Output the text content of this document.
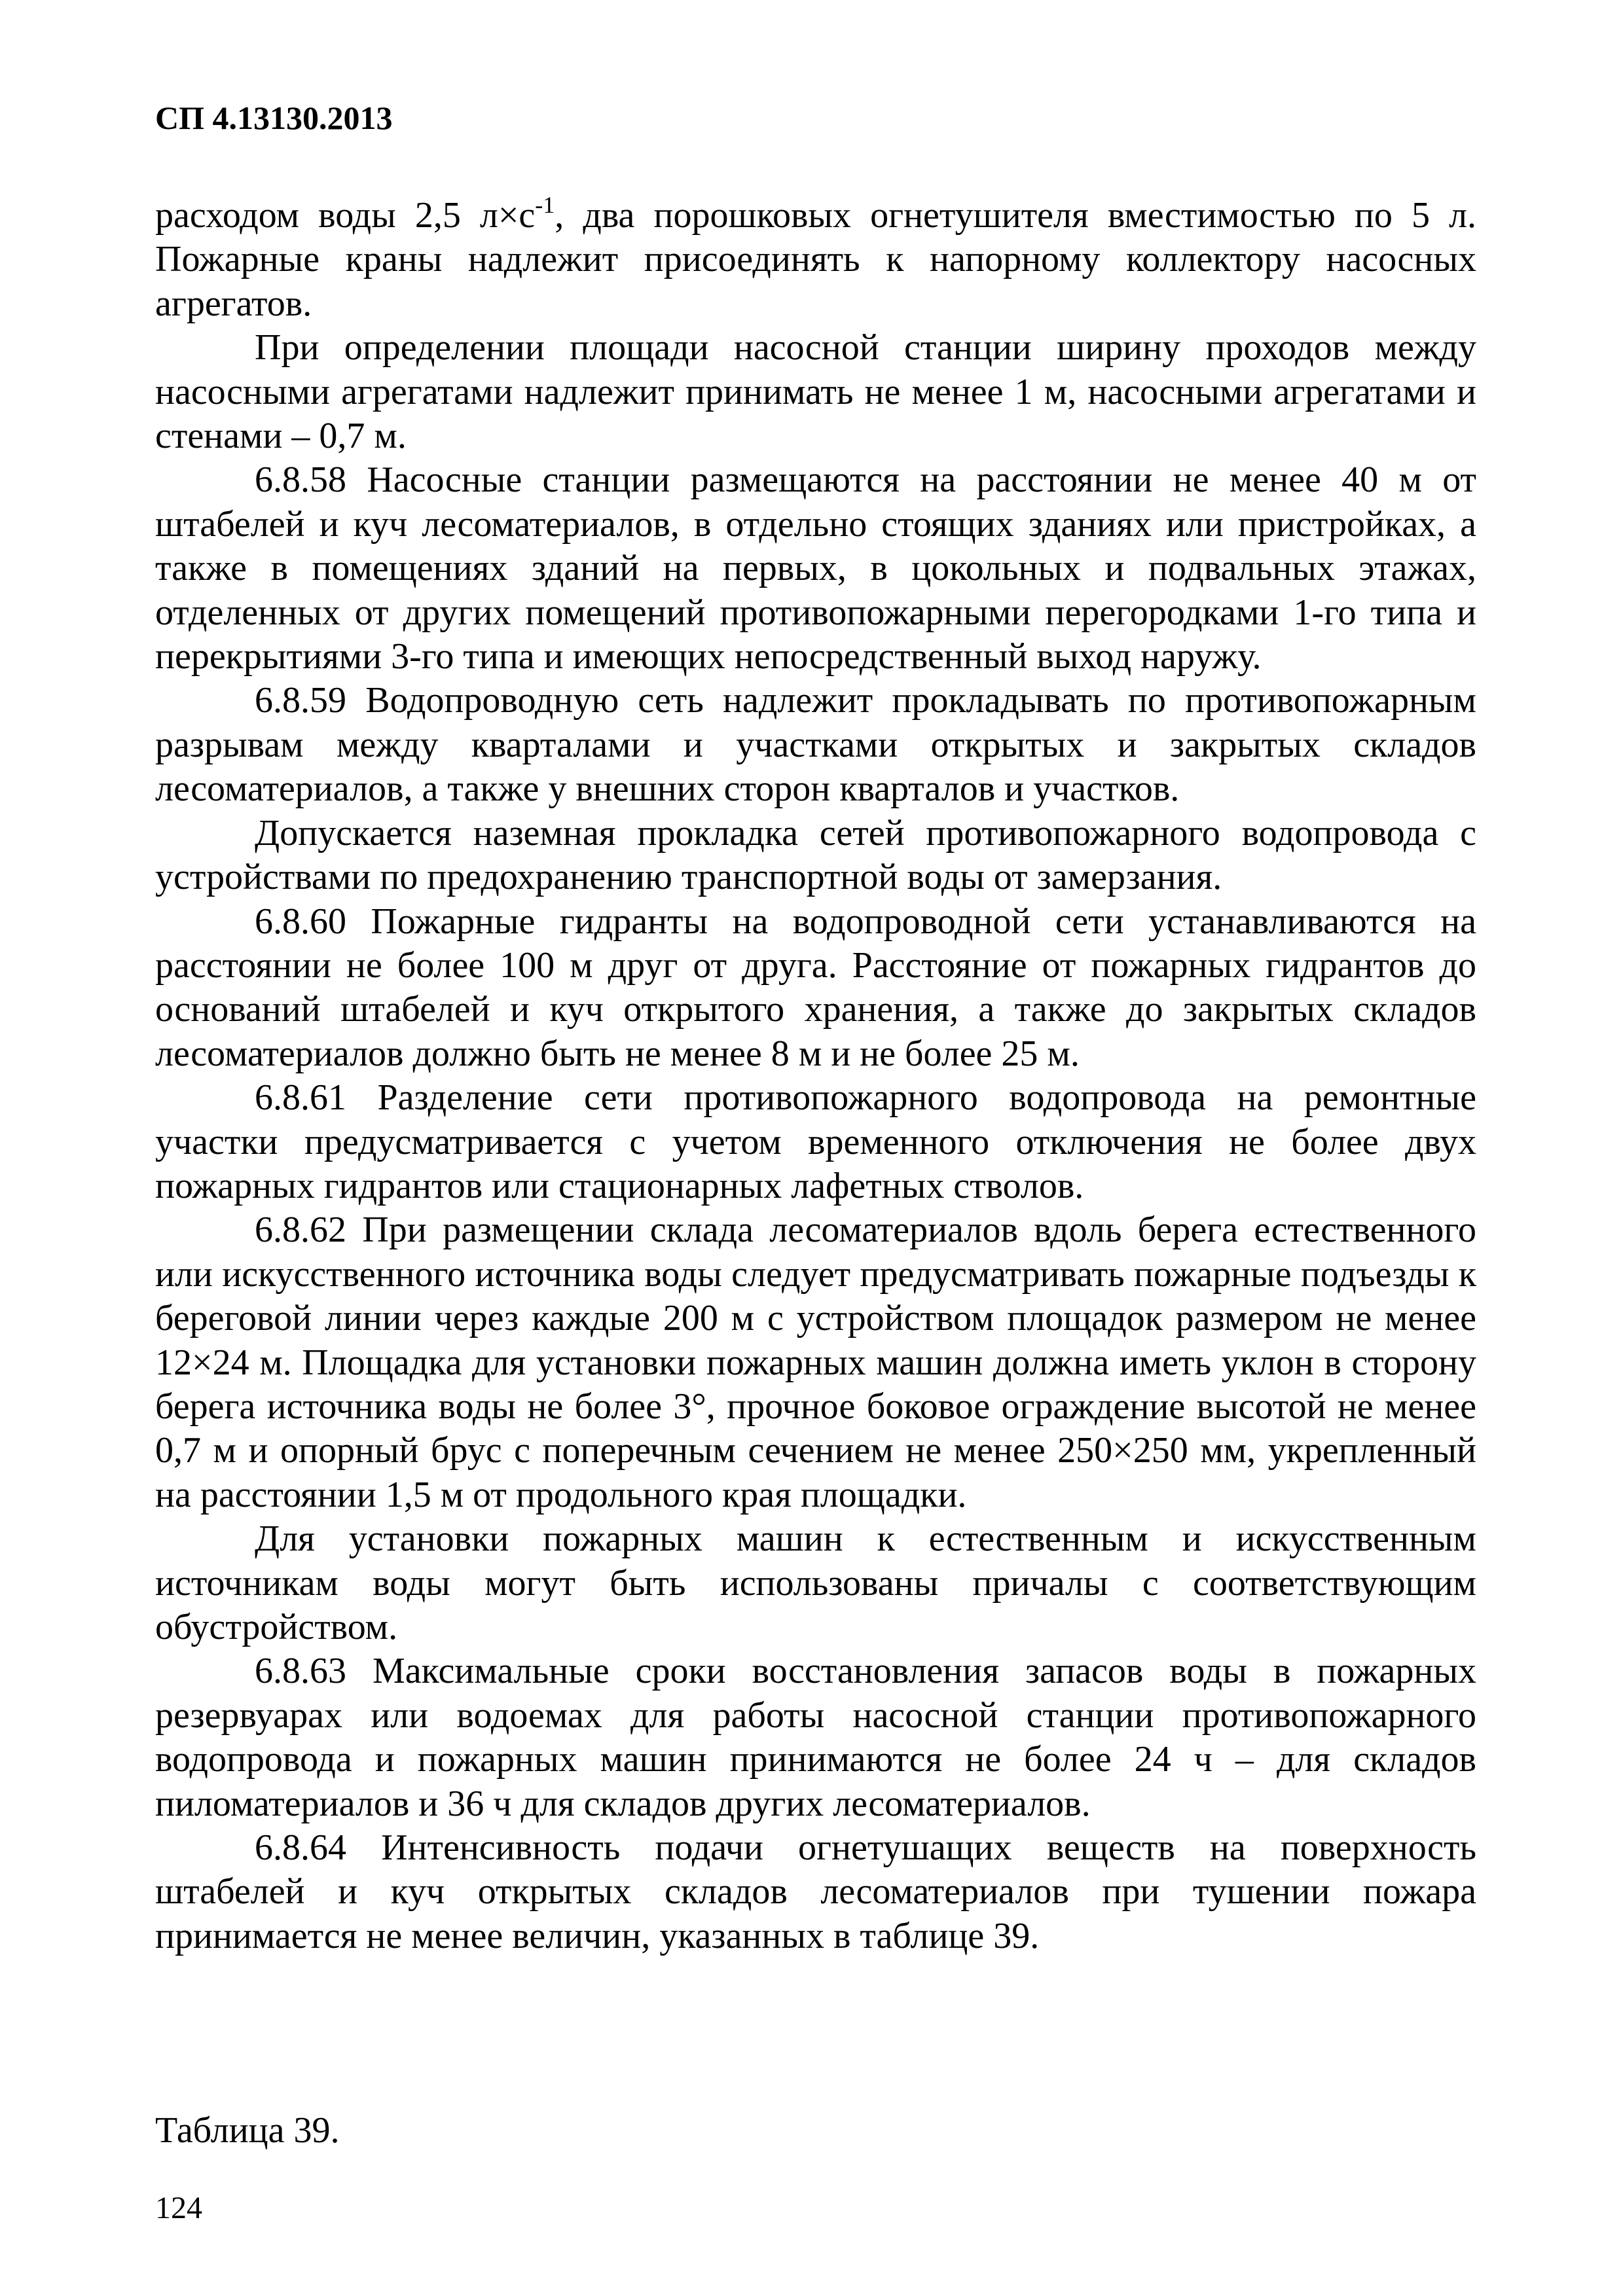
СП 4.13130.2013

расходом воды 2,5 $л\times с^{-1}$, два порошковых огнетушителя вместимостью по 5 л. Пожарные краны надлежит присоединять к напорному коллектору насосных агрегатов.

При определении площади насосной станции ширину проходов между насосными агрегатами надлежит принимать не менее 1 м, насосными агрегатами и стенами – 0,7 м.

6.8.58 Насосные станции размещаются на расстоянии не менее 40 м от штабелей и куч лесоматериалов, в отдельно стоящих зданиях или пристройках, а также в помещениях зданий на первых, в цокольных и подвальных этажах, отделенных от других помещений противопожарными перегородками 1-го типа и перекрытиями 3-го типа и имеющих непосредственный выход наружу.

6.8.59 Водопроводную сеть надлежит прокладывать по противопожарным разрывам между кварталами и участками открытых и закрытых складов лесоматериалов, а также у внешних сторон кварталов и участков.

Допускается наземная прокладка сетей противопожарного водопровода с устройствами по предохранению транспортной воды от замерзания.

6.8.60 Пожарные гидранты на водопроводной сети устанавливаются на расстоянии не более 100 м друг от друга. Расстояние от пожарных гидрантов до оснований штабелей и куч открытого хранения, а также до закрытых складов лесоматериалов должно быть не менее 8 м и не более 25 м.

6.8.61 Разделение сети противопожарного водопровода на ремонтные участки предусматривается с учетом временного отключения не более двух пожарных гидрантов или стационарных лафетных стволов.

6.8.62 При размещении склада лесоматериалов вдоль берега естественного или искусственного источника воды следует предусматривать пожарные подъезды к береговой линии через каждые 200 м с устройством площадок размером не менее 12×24 м. Площадка для установки пожарных машин должна иметь уклон в сторону берега источника воды не более 3°, прочное боковое ограждение высотой не менее 0,7 м и опорный брус с поперечным сечением не менее 250×250 мм, укрепленный на расстоянии 1,5 м от продольного края площадки.

Для установки пожарных машин к естественным и искусственным источникам воды могут быть использованы причалы с соответствующим обустройством.

6.8.63 Максимальные сроки восстановления запасов воды в пожарных резервуарах или водоемах для работы насосной станции противопожарного водопровода и пожарных машин принимаются не более 24 ч – для складов пиломатериалов и 36 ч для складов других лесоматериалов.

6.8.64 Интенсивность подачи огнетушащих веществ на поверхность штабелей и куч открытых складов лесоматериалов при тушении пожара принимается не менее величин, указанных в таблице 39.

Таблица 39.
124
